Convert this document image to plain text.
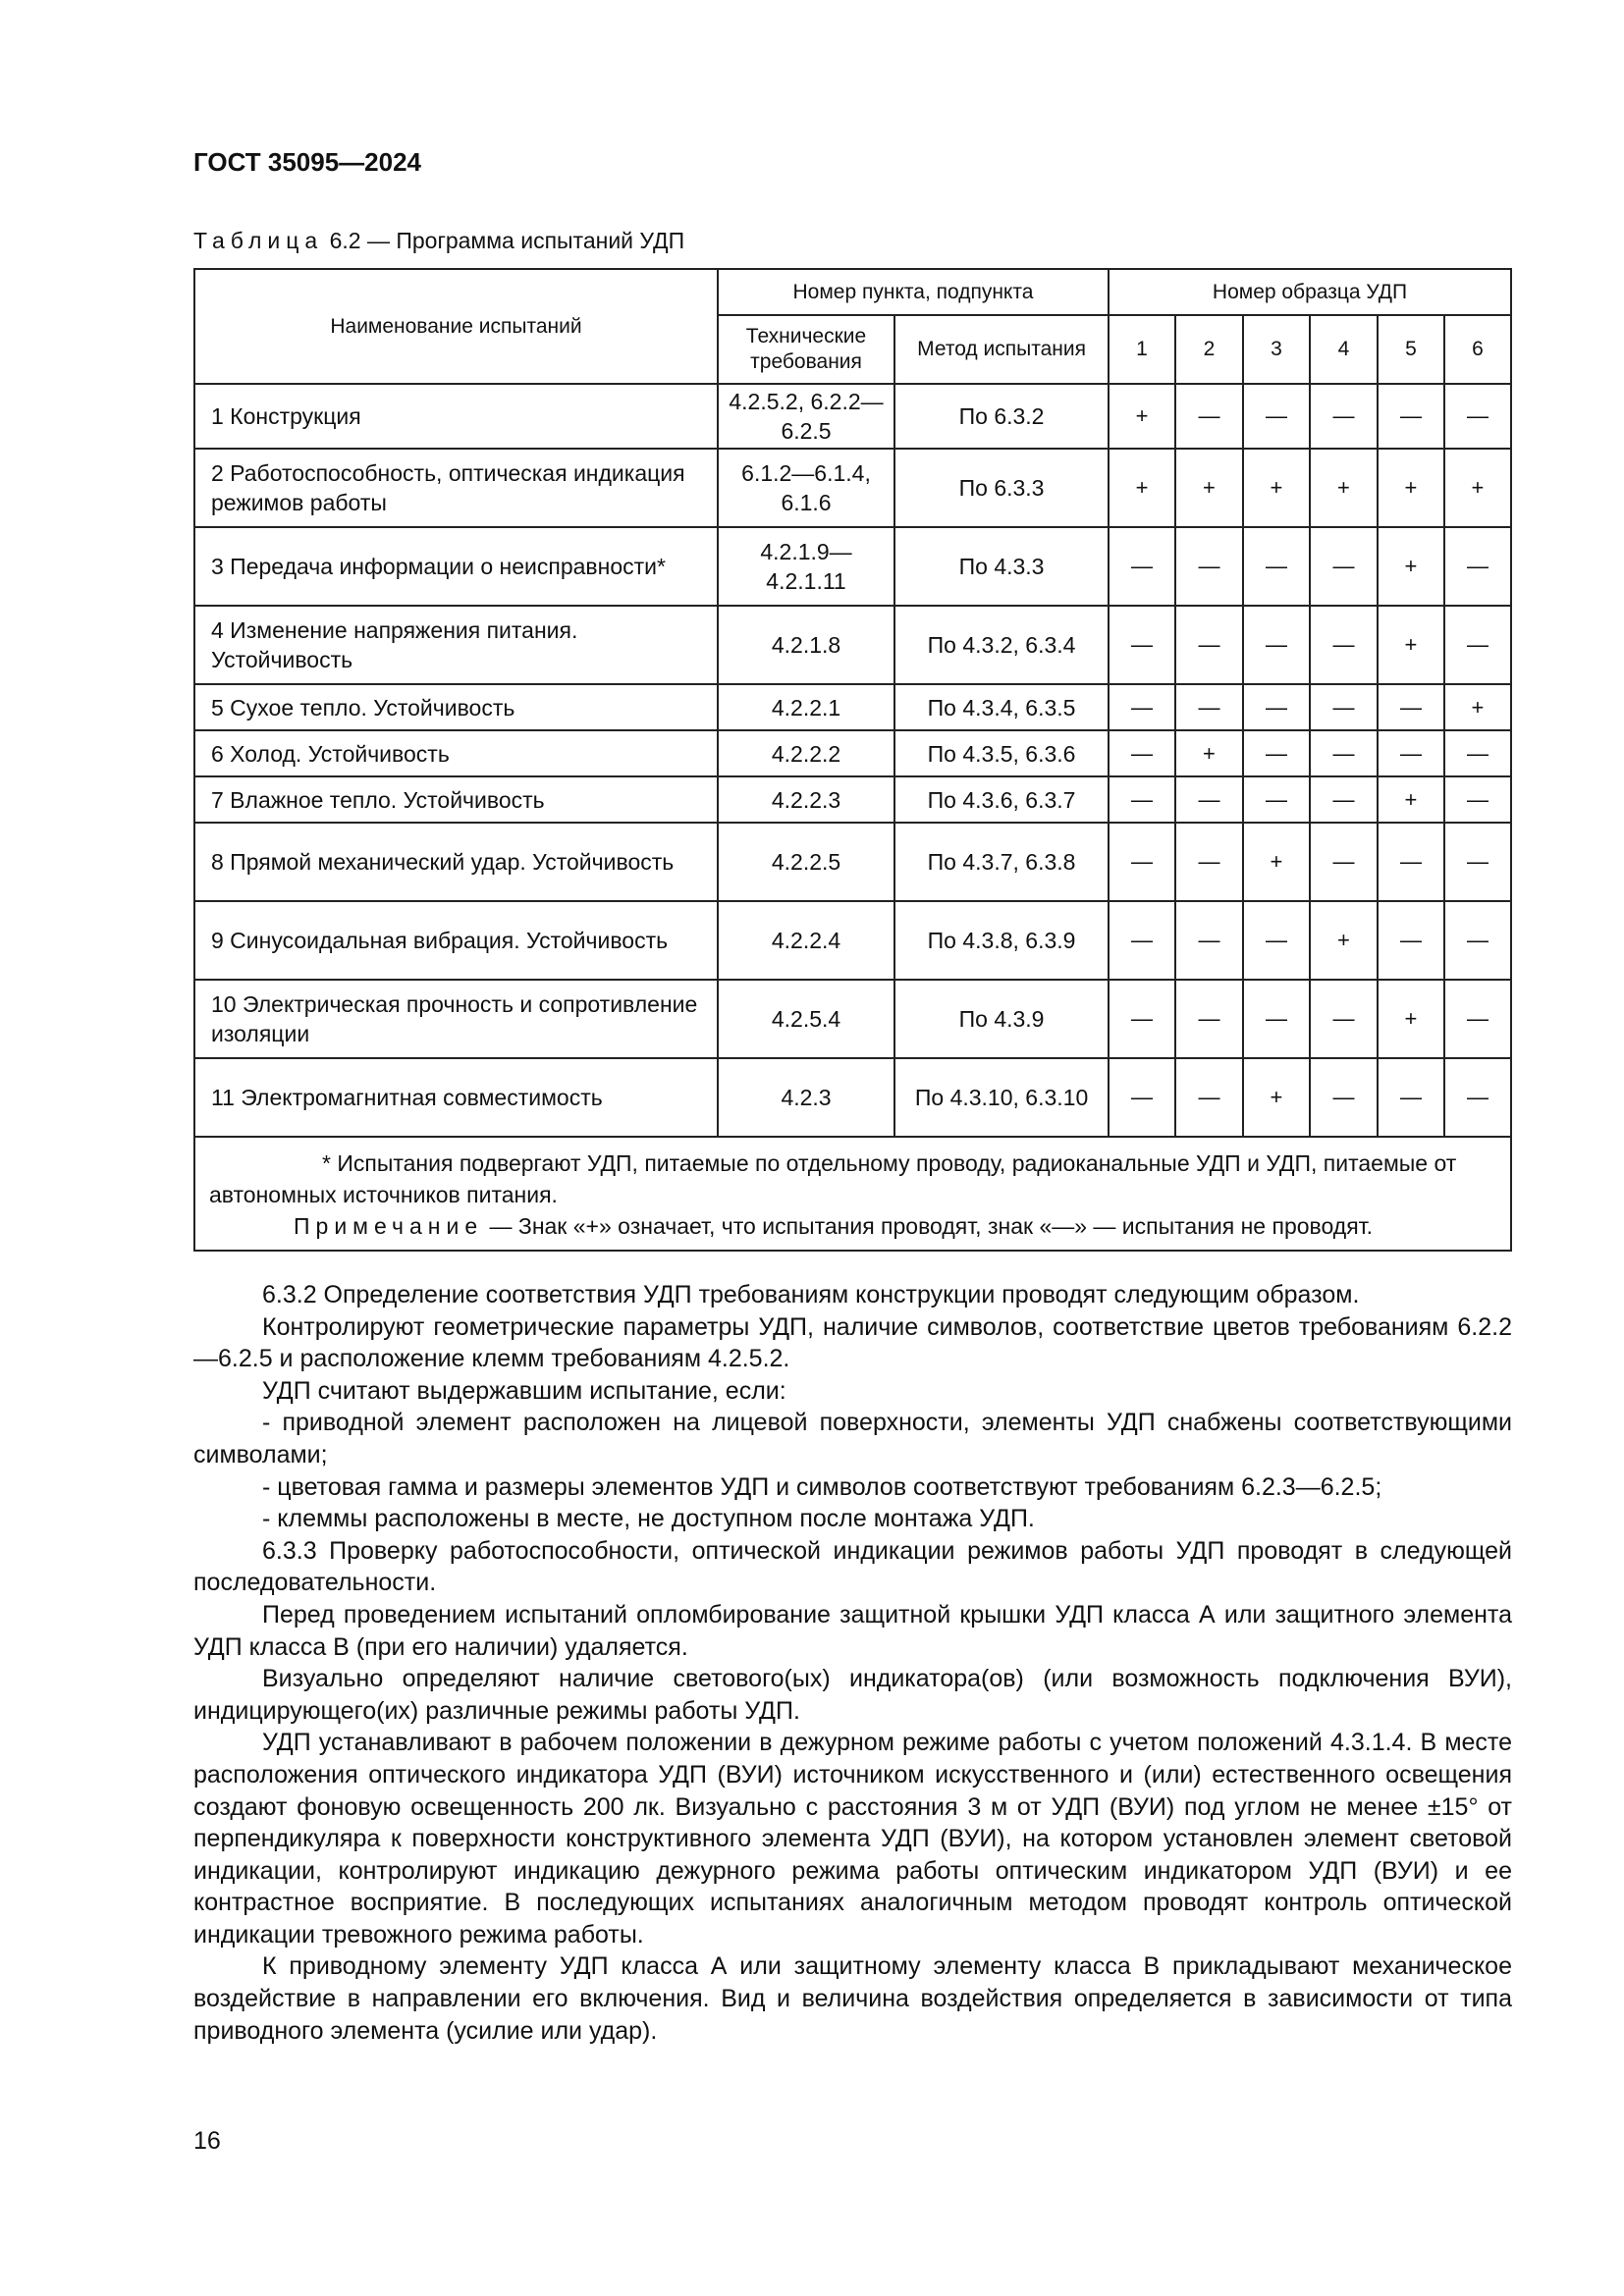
ГОСТ 35095—2024
Таблица 6.2 — Программа испытаний УДП
Наименование испытаний	Номер пункта, подпункта		Номер образца УДП					
	Технические требования	Метод испытания	1	2	3	4	5	6
1 Конструкция	4.2.5.2, 6.2.2—6.2.5	По 6.3.2	+	—	—	—	—	—
2 Работоспособность, оптическая индикация режимов работы	6.1.2—6.1.4, 6.1.6	По 6.3.3	+	+	+	+	+	+
3 Передача информации о неисправности*	4.2.1.9—4.2.1.11	По 4.3.3	—	—	—	—	+	—
4 Изменение напряжения питания. Устойчивость	4.2.1.8	По 4.3.2, 6.3.4	—	—	—	—	+	—
5 Сухое тепло. Устойчивость	4.2.2.1	По 4.3.4, 6.3.5	—	—	—	—	—	+
6 Холод. Устойчивость	4.2.2.2	По 4.3.5, 6.3.6	—	+	—	—	—	—
7 Влажное тепло. Устойчивость	4.2.2.3	По 4.3.6, 6.3.7	—	—	—	—	+	—
8 Прямой механический удар. Устойчивость	4.2.2.5	По 4.3.7, 6.3.8	—	—	+	—	—	—
9 Синусоидальная вибрация. Устойчивость	4.2.2.4	По 4.3.8, 6.3.9	—	—	—	+	—	—
10 Электрическая прочность и сопротивление изоляции	4.2.5.4	По 4.3.9	—	—	—	—	+	—
11 Электромагнитная совместимость	4.2.3	По 4.3.10, 6.3.10	—	—	+	—	—	—

* Испытания подвергают УДП, питаемые по отдельному проводу, радиоканальные УДП и УДП, питаемые от автономных источников питания.
Примечание — Знак «+» означает, что испытания проводят, знак «—» — испытания не проводят.								

6.3.2 Определение соответствия УДП требованиям конструкции проводят следующим образом.

Контролируют геометрические параметры УДП, наличие символов, соответствие цветов требованиям 6.2.2—6.2.5 и расположение клемм требованиям 4.2.5.2.

УДП считают выдержавшим испытание, если:

- приводной элемент расположен на лицевой поверхности, элементы УДП снабжены соответствующими символами;

- цветовая гамма и размеры элементов УДП и символов соответствуют требованиям 6.2.3—6.2.5;

- клеммы расположены в месте, не доступном после монтажа УДП.

6.3.3 Проверку работоспособности, оптической индикации режимов работы УДП проводят в следующей последовательности.

Перед проведением испытаний опломбирование защитной крышки УДП класса А или защитного элемента УДП класса В (при его наличии) удаляется.

Визуально определяют наличие светового(ых) индикатора(ов) (или возможность подключения ВУИ), индицирующего(их) различные режимы работы УДП.

УДП устанавливают в рабочем положении в дежурном режиме работы с учетом положений 4.3.1.4. В месте расположения оптического индикатора УДП (ВУИ) источником искусственного и (или) естественного освещения создают фоновую освещенность 200 лк. Визуально с расстояния 3 м от УДП (ВУИ) под углом не менее ±15° от перпендикуляра к поверхности конструктивного элемента УДП (ВУИ), на котором установлен элемент световой индикации, контролируют индикацию дежурного режима работы оптическим индикатором УДП (ВУИ) и ее контрастное восприятие. В последующих испытаниях аналогичным методом проводят контроль оптической индикации тревожного режима работы.

К приводному элементу УДП класса А или защитному элементу класса В прикладывают механическое воздействие в направлении его включения. Вид и величина воздействия определяется в зависимости от типа приводного элемента (усилие или удар).

16
